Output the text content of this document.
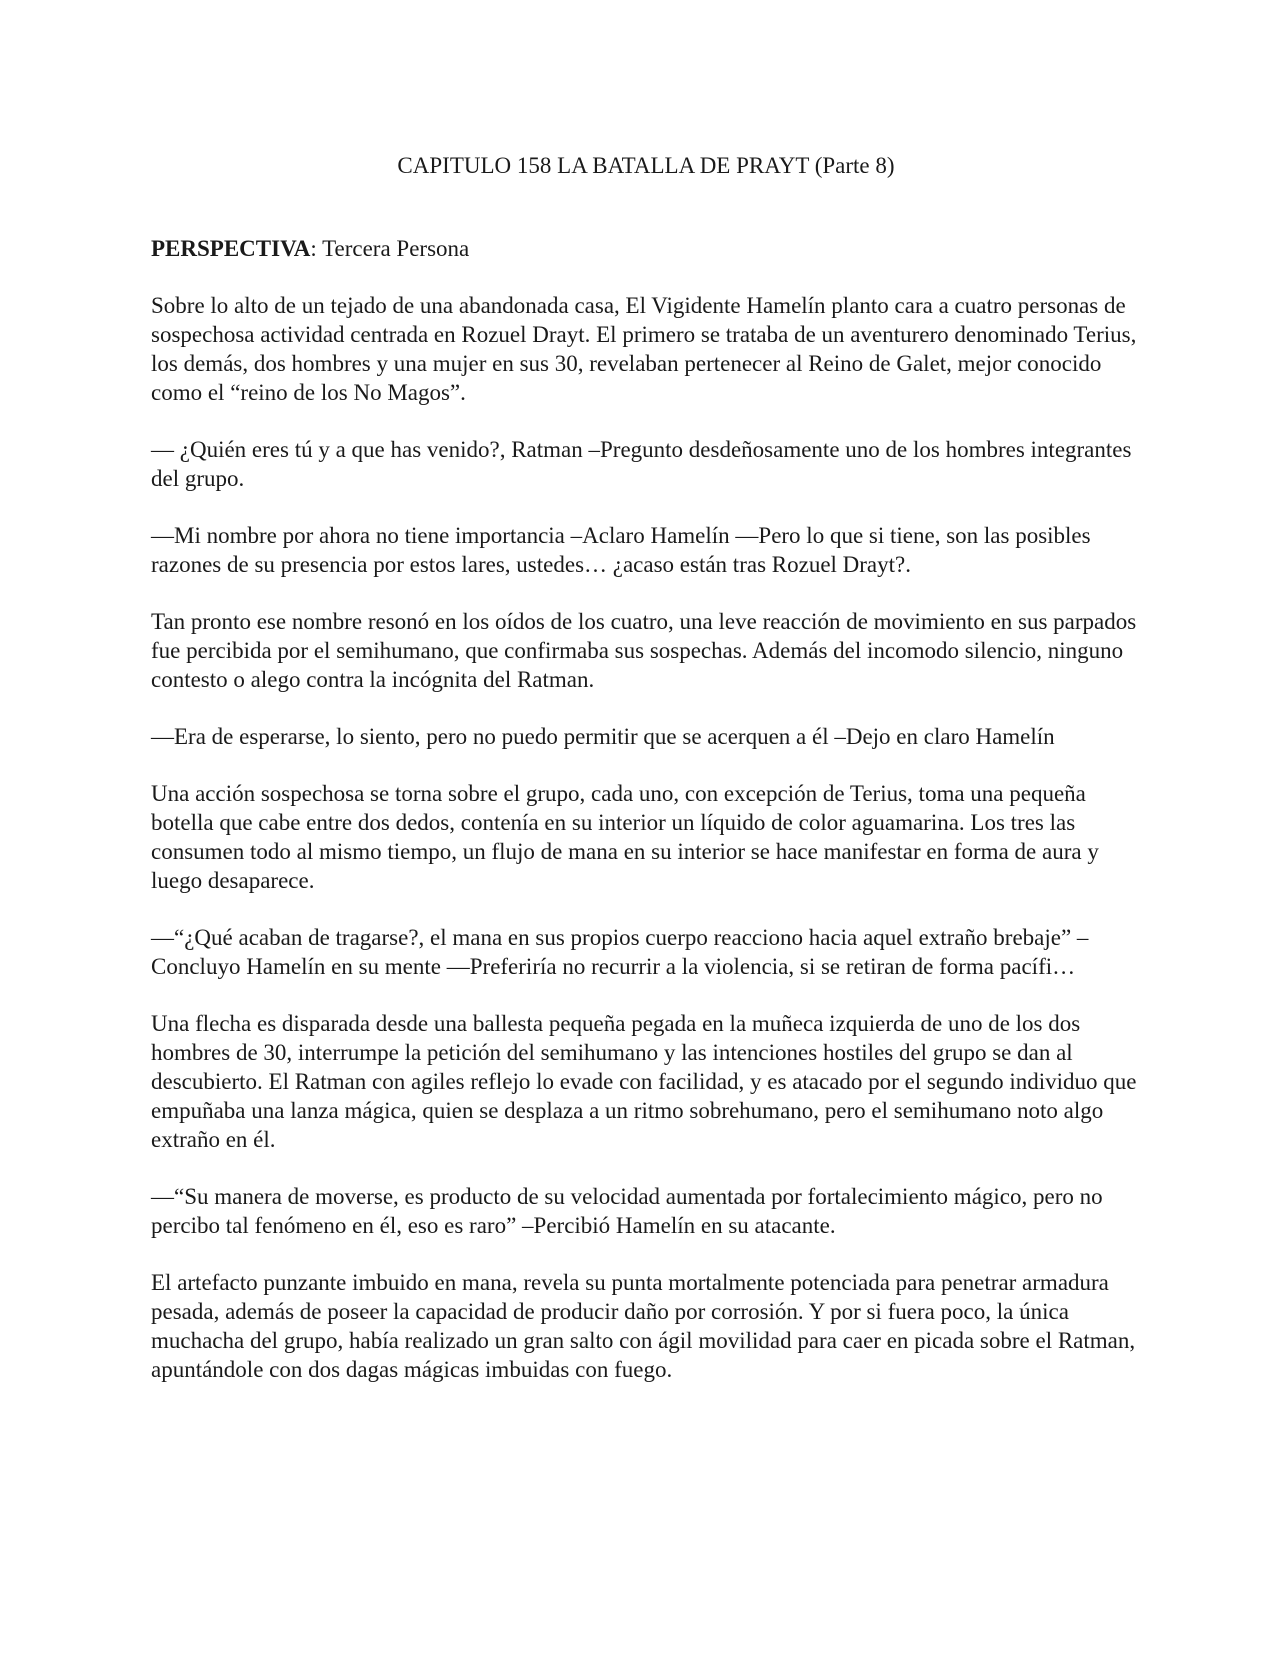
CAPITULO 158 LA BATALLA DE PRAYT (Parte 8)

PERSPECTIVA: Tercera Persona

Sobre lo alto de un tejado de una abandonada casa, El Vigidente Hamelín planto cara a cuatro personas de sospechosa actividad centrada en Rozuel Drayt. El primero se trataba de un aventurero denominado Terius, los demás, dos hombres y una mujer en sus 30, revelaban pertenecer al Reino de Galet, mejor conocido como el “reino de los No Magos”.

— ¿Quién eres tú y a que has venido?, Ratman –Pregunto desdeñosamente uno de los hombres integrantes del grupo.

—Mi nombre por ahora no tiene importancia –Aclaro Hamelín —Pero lo que si tiene, son las posibles razones de su presencia por estos lares, ustedes… ¿acaso están tras Rozuel Drayt?.

Tan pronto ese nombre resonó en los oídos de los cuatro, una leve reacción de movimiento en sus parpados fue percibida por el semihumano, que confirmaba sus sospechas. Además del incomodo silencio, ninguno contesto o alego contra la incógnita del Ratman.

—Era de esperarse, lo siento, pero no puedo permitir que se acerquen a él –Dejo en claro Hamelín

Una acción sospechosa se torna sobre el grupo, cada uno, con excepción de Terius, toma una pequeña botella que cabe entre dos dedos, contenía en su interior un líquido de color aguamarina. Los tres las consumen todo al mismo tiempo, un flujo de mana en su interior se hace manifestar en forma de aura y luego desaparece.

—“¿Qué acaban de tragarse?, el mana en sus propios cuerpo reacciono hacia aquel extraño brebaje” –Concluyo Hamelín en su mente —Preferiría no recurrir a la violencia, si se retiran de forma pacífi…

Una flecha es disparada desde una ballesta pequeña pegada en la muñeca izquierda de uno de los dos hombres de 30, interrumpe la petición del semihumano y las intenciones hostiles del grupo se dan al descubierto. El Ratman con agiles reflejo lo evade con facilidad, y es atacado por el segundo individuo que empuñaba una lanza mágica, quien se desplaza a un ritmo sobrehumano, pero el semihumano noto algo extraño en él.

—“Su manera de moverse, es producto de su velocidad aumentada por fortalecimiento mágico, pero no percibo tal fenómeno en él, eso es raro” –Percibió Hamelín en su atacante.

El artefacto punzante imbuido en mana, revela su punta mortalmente potenciada para penetrar armadura pesada, además de poseer la capacidad de producir daño por corrosión. Y por si fuera poco, la única muchacha del grupo, había realizado un gran salto con ágil movilidad para caer en picada sobre el Ratman, apuntándole con dos dagas mágicas imbuidas con fuego.
